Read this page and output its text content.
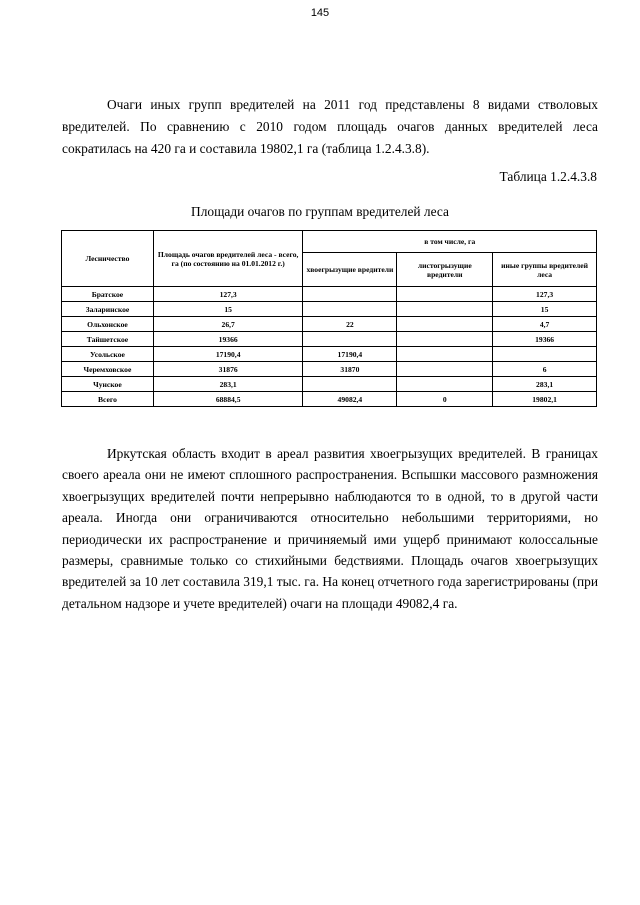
145

Очаги иных групп вредителей на 2011 год представлены 8 видами стволовых вредителей. По сравнению с 2010 годом площадь очагов данных вредителей леса сократилась на 420 га и составила 19802,1 га (таблица 1.2.4.3.8).

Таблица 1.2.4.3.8
Площади очагов по группам вредителей леса
Лесничество	Площадь очагов вредителей леса - всего, га (по состоянию на 01.01.2012 г.)	в том числе, га		
		хвоегрызущие вредители	листогрызущие вредители	иные группы вредителей леса
Братское	127,3			127,3
Заларинское	15			15
Ольхонское	26,7	22		4,7
Тайшетское	19366			19366
Усольское	17190,4	17190,4		
Черемховское	31876	31870		6
Чунское	283,1			283,1
Всего	68884,5	49082,4	0	19802,1

Иркутская область входит в ареал развития хвоегрызущих вредителей. В границах своего ареала они не имеют сплошного распространения. Вспышки массового размножения хвоегрызущих вредителей почти непрерывно наблюдаются то в одной, то в другой части ареала. Иногда они ограничиваются относительно небольшими территориями, но периодически их распространение и причиняемый ими ущерб принимают колоссальные размеры, сравнимые только со стихийными бедствиями. Площадь очагов хвоегрызущих вредителей за 10 лет составила 319,1 тыс. га. На конец отчетного года зарегистрированы (при детальном надзоре и учете вредителей) очаги на площади 49082,4 га.
